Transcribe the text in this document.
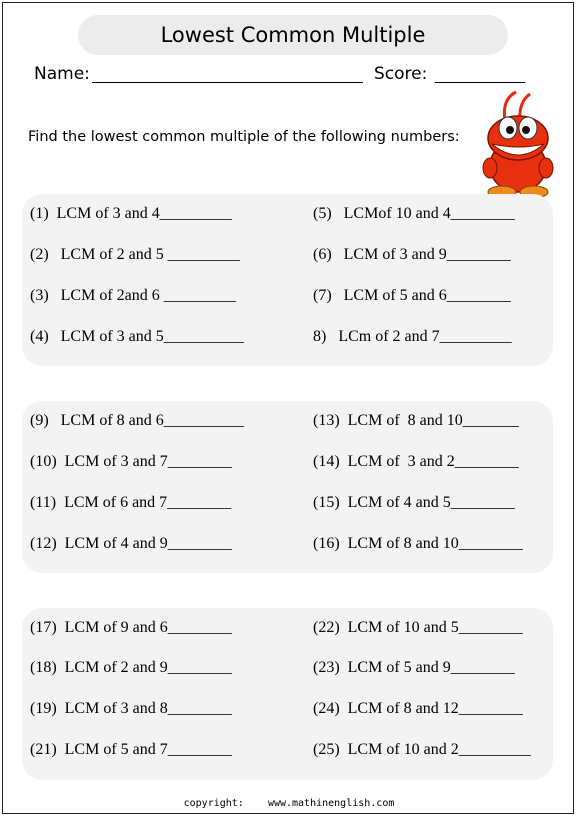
Lowest Common Multiple
Name:	Score:
Find the lowest common multiple of the following numbers:
(1)  LCM of 3 and 4_________
(2)   LCM of 2 and 5 _________
(3)   LCM of 2and 6 _________
(4)   LCM of 3 and 5__________
(5)   LCMof 10 and 4________
(6)   LCM of 3 and 9________
(7)   LCM of 5 and 6________
8)   LCm of 2 and 7_________
(9)   LCM of 8 and 6__________
(10)  LCM of 3 and 7________
(11)  LCM of 6 and 7________
(12)  LCM of 4 and 9________
(13)  LCM of  8 and 10_______
(14)  LCM of  3 and 2________
(15)  LCM of 4 and 5________
(16)  LCM of 8 and 10________
(17)  LCM of 9 and 6________
(18)  LCM of 2 and 9________
(19)  LCM of 3 and 8________
(21)  LCM of 5 and 7________
(22)  LCM of 10 and 5________
(23)  LCM of 5 and 9________
(24)  LCM of 8 and 12________
(25)  LCM of 10 and 2_________
copyright: www.mathinenglish.com
